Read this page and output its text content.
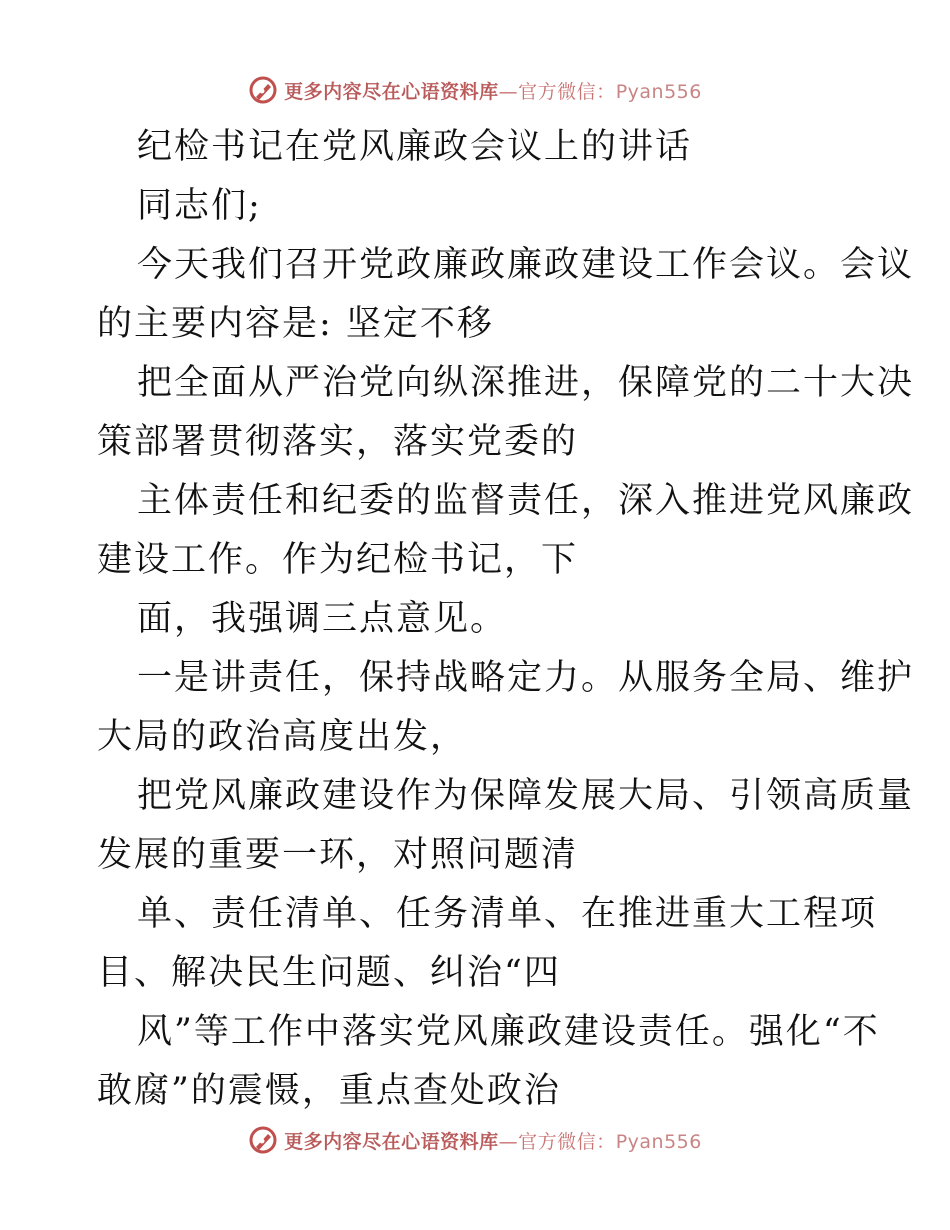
更多内容尽在心语资料库—官方微信：Pyan556
纪检书记在党风廉政会议上的讲话
同志们;
今天我们召开党政廉政廉政建设工作会议。会议
的主要内容是: 坚定不移
把全面从严治党向纵深推进，保障党的二十大决
策部署贯彻落实，落实党委的
主体责任和纪委的监督责任，深入推进党风廉政
建设工作。作为纪检书记，下
面，我强调三点意见。
一是讲责任，保持战略定力。从服务全局、维护
大局的政治高度出发，
把党风廉政建设作为保障发展大局、引领高质量
发展的重要一环，对照问题清
单、责任清单、任务清单、在推进重大工程项
目、解决民生问题、纠治“四
风”等工作中落实党风廉政建设责任。强化“不
敢腐”的震慑，重点查处政治
更多内容尽在心语资料库—官方微信：Pyan556
